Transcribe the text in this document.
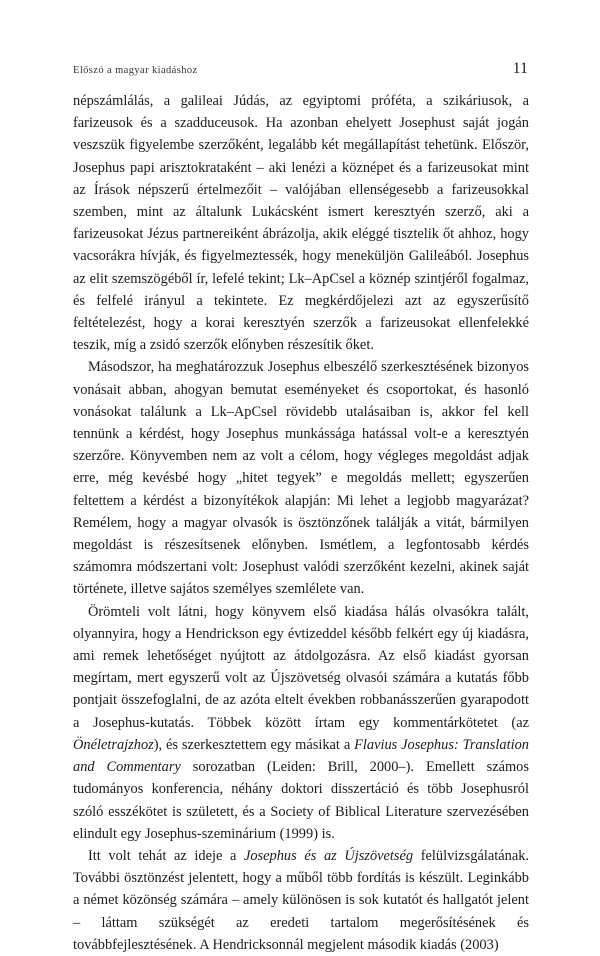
Előszó a magyar kiadáshoz	11

népszámlálás, a galileai Júdás, az egyiptomi próféta, a szikáriusok, a farizeusok és a szadduceusok. Ha azonban ehelyett Josephust saját jogán veszszük figyelembe szerzőként, legalább két megállapítást tehetünk. Először, Josephus papi arisztokrataként – aki lenézi a köznépet és a farizeusokat mint az Írások népszerű értelmezőit – valójában ellenségesebb a farizeusokkal szemben, mint az általunk Lukácsként ismert keresztyén szerző, aki a farizeusokat Jézus partnereiként ábrázolja, akik eléggé tisztelik őt ahhoz, hogy vacsorákra hívják, és figyelmeztessék, hogy meneküljön Galileából. Josephus az elit szemszögéből ír, lefelé tekint; Lk–ApCsel a köznép szintjéről fogalmaz, és felfelé irányul a tekintete. Ez megkérdőjelezi azt az egyszerűsítő feltételezést, hogy a korai keresztyén szerzők a farizeusokat ellenfelekké teszik, míg a zsidó szerzők előnyben részesítik őket.

Másodszor, ha meghatározzuk Josephus elbeszélő szerkesztésének bizonyos vonásait abban, ahogyan bemutat eseményeket és csoportokat, és hasonló vonásokat találunk a Lk–ApCsel rövidebb utalásaiban is, akkor fel kell tennünk a kérdést, hogy Josephus munkássága hatással volt-e a keresztyén szerzőre. Könyvemben nem az volt a célom, hogy végleges megoldást adjak erre, még kevésbé hogy „hitet tegyek” e megoldás mellett; egyszerűen feltettem a kérdést a bizonyítékok alapján: Mi lehet a legjobb magyarázat? Remélem, hogy a magyar olvasók is ösztönzőnek találják a vitát, bármilyen megoldást is részesítsenek előnyben. Ismétlem, a legfontosabb kérdés számomra módszertani volt: Josephust valódi szerzőként kezelni, akinek saját története, illetve sajátos személyes szemlélete van.

Örömteli volt látni, hogy könyvem első kiadása hálás olvasókra talált, olyannyira, hogy a Hendrickson egy évtizeddel később felkért egy új kiadásra, ami remek lehetőséget nyújtott az átdolgozásra. Az első kiadást gyorsan megírtam, mert egyszerű volt az Újszövetség olvasói számára a kutatás főbb pontjait összefoglalni, de az azóta eltelt években robbanásszerűen gyarapodott a Josephus-kutatás. Többek között írtam egy kommentárkötetet (az Önéletrajzhoz), és szerkesztettem egy másikat a Flavius Josephus: Translation and Commentary sorozatban (Leiden: Brill, 2000–). Emellett számos tudományos konferencia, néhány doktori disszertáció és több Josephusról szóló esszékötet is született, és a Society of Biblical Literature szervezésében elindult egy Josephus-szeminárium (1999) is.

Itt volt tehát az ideje a Josephus és az Újszövetség felülvizsgálatának. További ösztönzést jelentett, hogy a műből több fordítás is készült. Leginkább a német közönség számára – amely különösen is sok kutatót és hallgatót jelent – láttam szükségét az eredeti tartalom megerősítésének és továbbfejlesztésének. A Hendricksonnál megjelent második kiadás (2003)
